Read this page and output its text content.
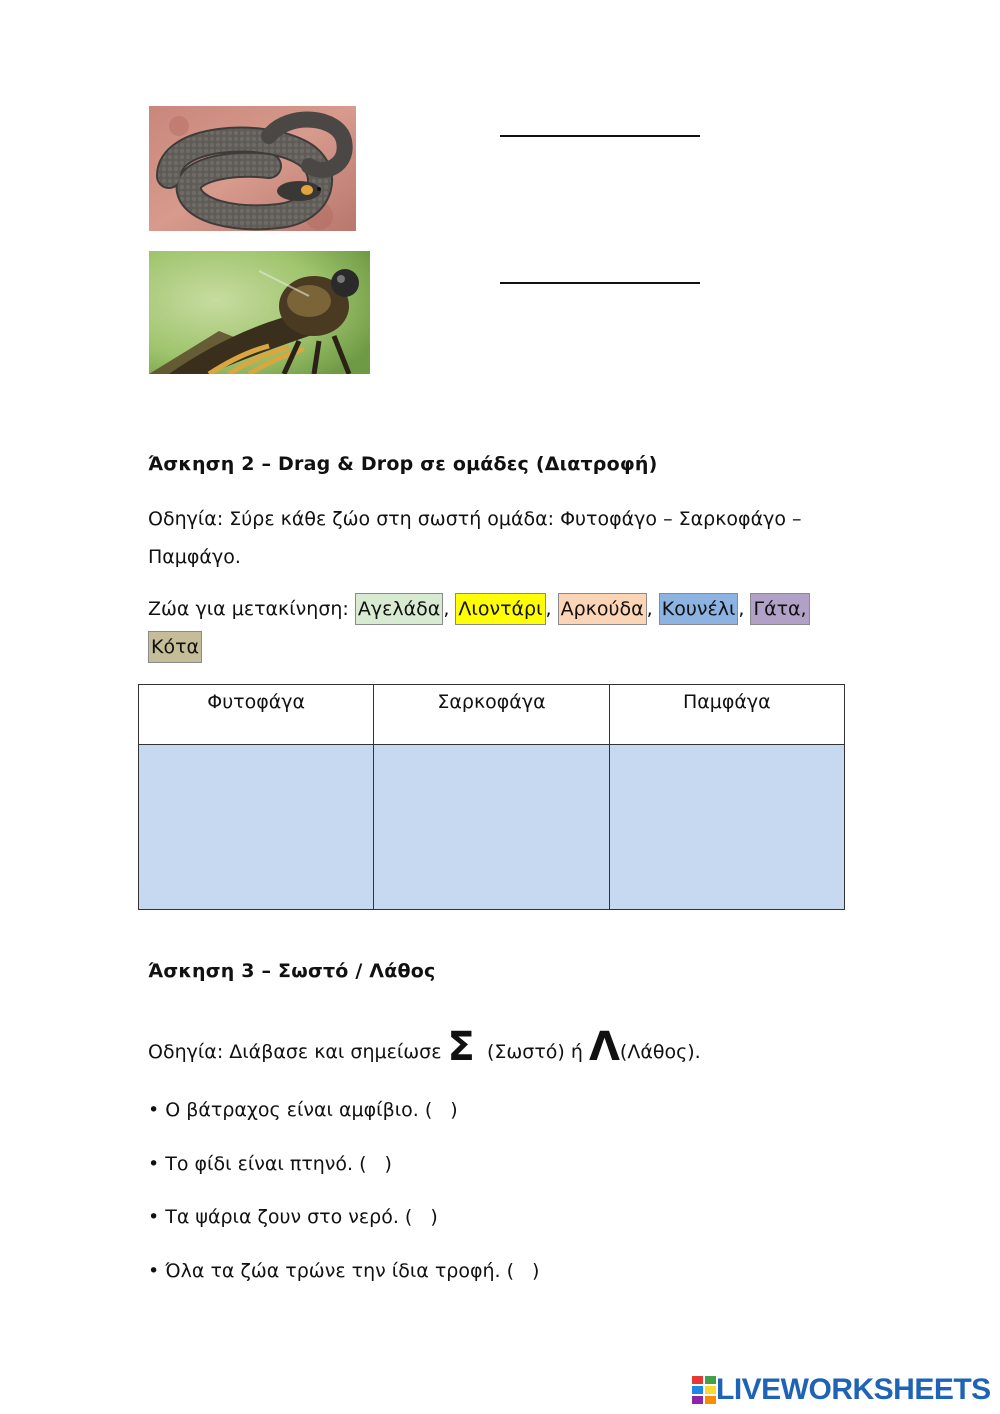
Άσκηση 2 – Drag & Drop σε ομάδες (Διατροφή)
Οδηγία: Σύρε κάθε ζώο στη σωστή ομάδα: Φυτοφάγο – Σαρκοφάγο –
Παμφάγο.
Ζώα για μετακίνηση: Αγελάδα , Λιοντάρι , Αρκούδα , Κουνέλι , Γάτα,
Κότα
Φυτοφάγα	Σαρκοφάγα	Παμφάγα

Άσκηση 3 – Σωστό / Λάθος
Οδηγία: Διάβασε και σημείωσε Σ (Σωστό) ή Λ(Λάθος).
• Ο βάτραχος είναι αμφίβιο. ( )
• Το φίδι είναι πτηνό. ( )
• Τα ψάρια ζουν στο νερό. ( )
• Όλα τα ζώα τρώνε την ίδια τροφή. ( )
LIVEWORKSHEETS
